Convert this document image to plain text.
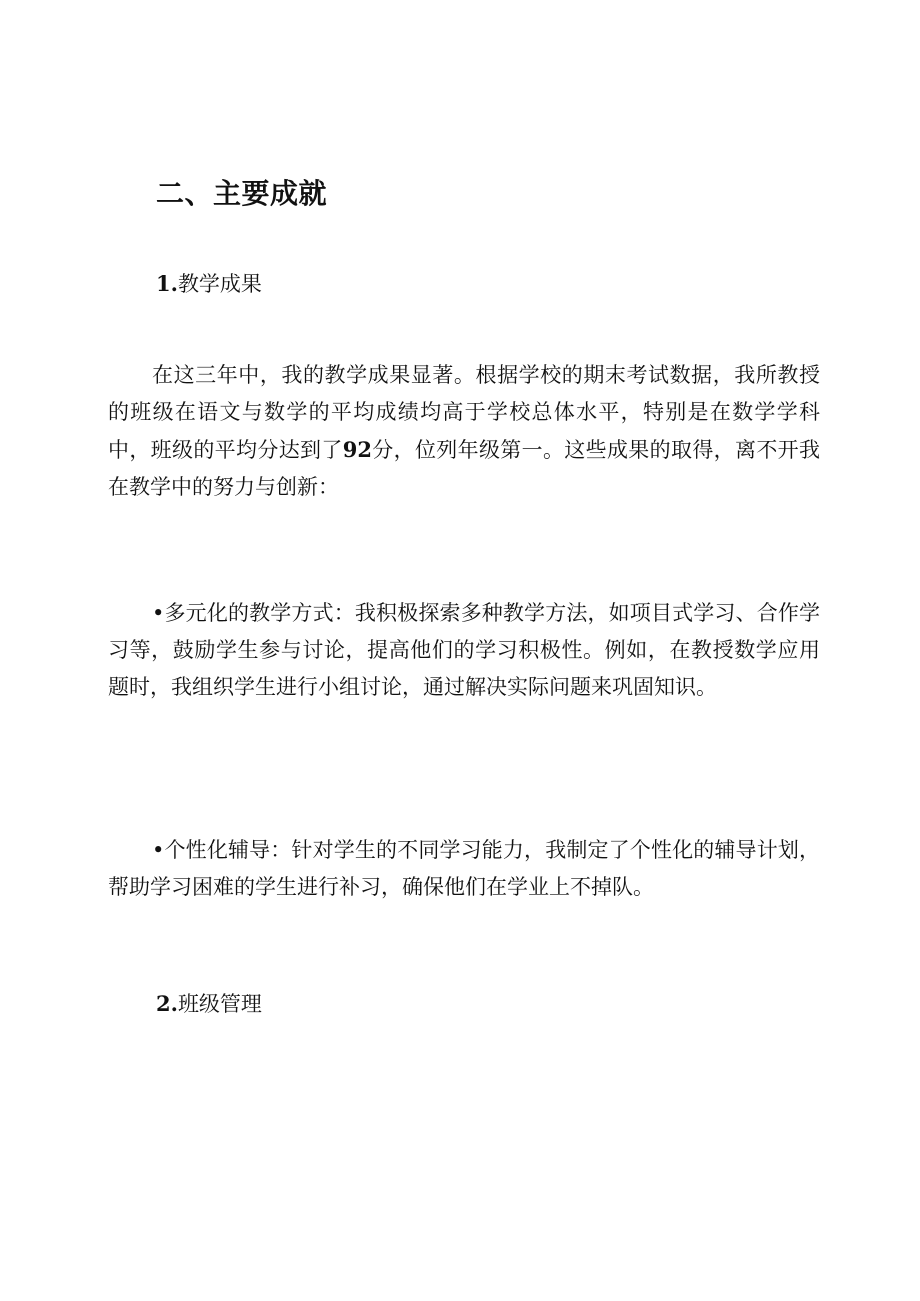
二、主要成就
1.教学成果

在这三年中，我的教学成果显著。根据学校的期末考试数据，我所教授的班级在语文与数学的平均成绩均高于学校总体水平，特别是在数学学科中，班级的平均分达到了92分，位列年级第一。这些成果的取得，离不开我在教学中的努力与创新：

•多元化的教学方式：我积极探索多种教学方法，如项目式学习、合作学习等，鼓励学生参与讨论，提高他们的学习积极性。例如，在教授数学应用题时，我组织学生进行小组讨论，通过解决实际问题来巩固知识。

•个性化辅导：针对学生的不同学习能力，我制定了个性化的辅导计划，帮助学习困难的学生进行补习，确保他们在学业上不掉队。

2.班级管理
